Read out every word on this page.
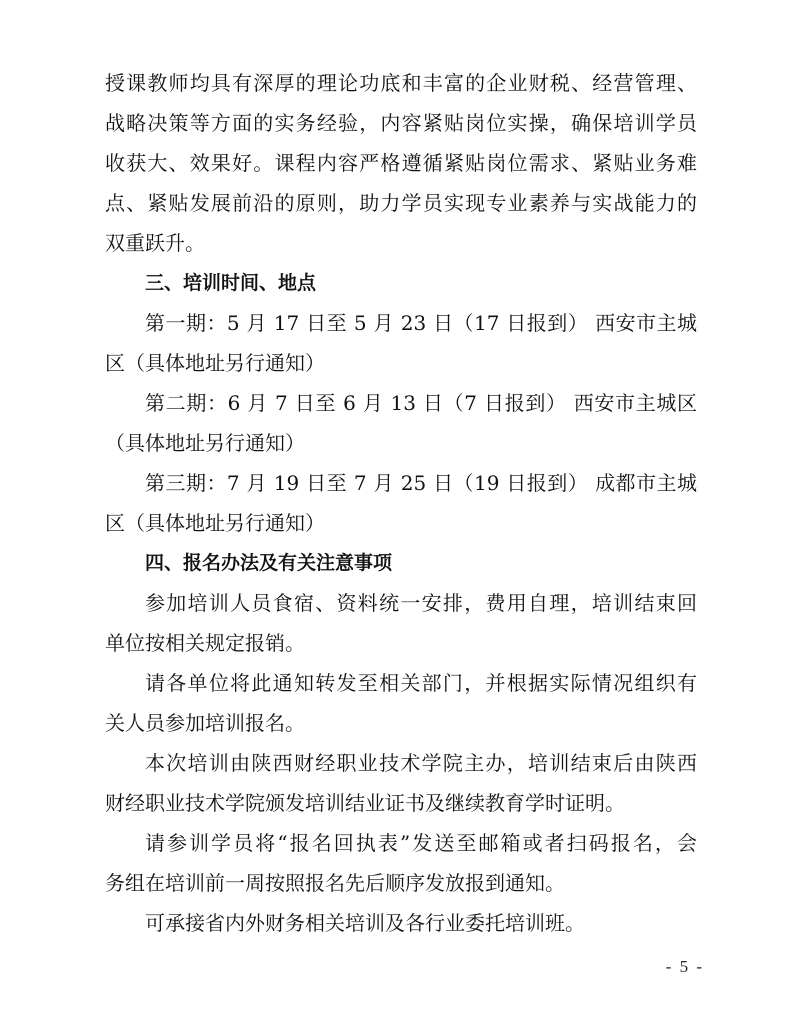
授课教师均具有深厚的理论功底和丰富的企业财税、经营管理、
战略决策等方面的实务经验，内容紧贴岗位实操，确保培训学员
收获大、效果好。课程内容严格遵循紧贴岗位需求、紧贴业务难
点、紧贴发展前沿的原则，助力学员实现专业素养与实战能力的
双重跃升。
三、培训时间、地点
第一期：5 月 17 日至 5 月 23 日（17 日报到） 西安市主城
区（具体地址另行通知）
第二期：6 月 7 日至 6 月 13 日（7 日报到） 西安市主城区
（具体地址另行通知）
第三期：7 月 19 日至 7 月 25 日（19 日报到） 成都市主城
区（具体地址另行通知）
四、报名办法及有关注意事项
参加培训人员食宿、资料统一安排，费用自理，培训结束回
单位按相关规定报销。
请各单位将此通知转发至相关部门，并根据实际情况组织有
关人员参加培训报名。
本次培训由陕西财经职业技术学院主办，培训结束后由陕西
财经职业技术学院颁发培训结业证书及继续教育学时证明。
请参训学员将“报名回执表”发送至邮箱或者扫码报名，会
务组在培训前一周按照报名先后顺序发放报到通知。
可承接省内外财务相关培训及各行业委托培训班。
- 5 -
